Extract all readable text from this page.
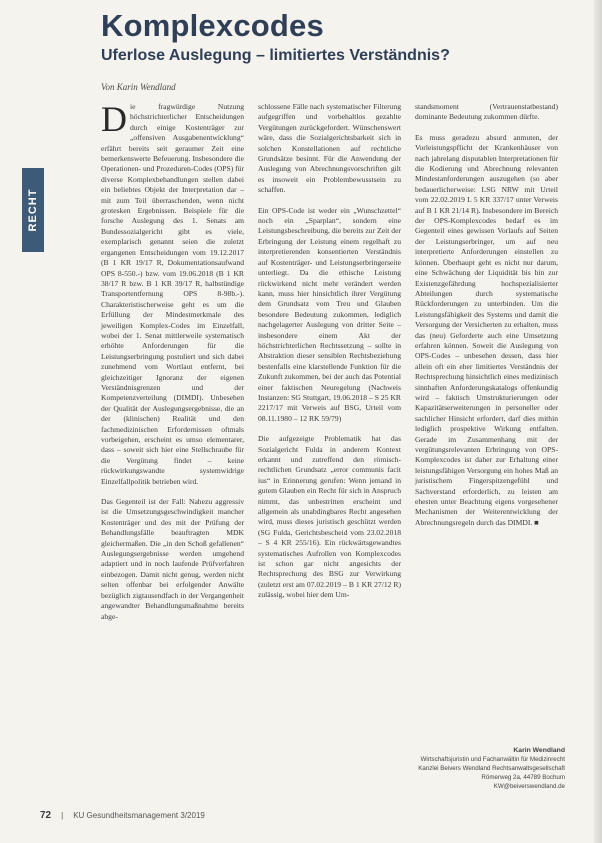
Komplexcodes
Uferlose Auslegung – limitiertes Verständnis?
Von Karin Wendland
RECHT

Die fragwürdige Nutzung höchstrichterlicher Entscheidungen durch einige Kostenträger zur „offensiven Ausgabenentwicklung“ erfährt bereits seit geraumer Zeit eine bemerkenswerte Befeuerung. Insbesondere die Operationen- und Prozeduren-Codes (OPS) für diverse Komplexbehandlungen stellen dabei ein beliebtes Objekt der Interpretation dar – mit zum Teil überraschenden, wenn nicht grotesken Ergebnissen. Beispiele für die forsche Auslegung des 1. Senats am Bundessozialgericht gibt es viele, exemplarisch genannt seien die zuletzt ergangenen Entscheidungen vom 19.12.2017 (B 1 KR 19/17 R, Dokumentationsaufwand OPS 8-550.-) bzw. vom 19.06.2018 (B 1 KR 38/17 R bzw. B 1 KR 39/17 R, halbstündige Transportentfernung OPS 8-98b.-). Charakteristischerweise geht es um die Erfüllung der Mindestmerkmale des jeweiligen Komplex-Codes im Einzelfall, wobei der 1. Senat mittlerweile systematisch erhöhte Anforderungen für die Leistungserbringung postuliert und sich dabei zunehmend vom Wortlaut entfernt, bei gleichzeitiger Ignoranz der eigenen Verständnisgrenzen und der Kompetenzverteilung (DIMDI). Unbesehen der Qualität der Auslegungsergebnisse, die an der (klinischen) Realität und den fachmedizinischen Erfordernissen oftmals vorbeigehen, erscheint es umso elementarer, dass – soweit sich hier eine Stellschraube für die Vergütung findet – keine rückwirkungswandte systemwidrige Einzelfallpolitik betrieben wird.

Das Gegenteil ist der Fall: Nahezu aggressiv ist die Umsetzungsgeschwindigkeit mancher Kostenträger und des mit der Prüfung der Behandlungsfälle beauftragten MDK gleichermaßen. Die „in den Schoß gefallenen“ Auslegungsergebnisse werden umgehend adaptiert und in noch laufende Prüfverfahren einbezogen. Damit nicht genug, werden nicht selten offenbar bei erfolgender Anwälte bezüglich zigtausendfach in der Vergangenheit angewandter Behandlungsmaßnahme bereits abge-

schlossene Fälle nach systematischer Filterung aufgegriffen und vorbehaltlos gezahlte Vergütungen zurückgefordert. Wünschenswert wäre, dass die Sozialgerichtsbarkeit sich in solchen Konstellationen auf rechtliche Grundsätze besinnt. Für die Anwendung der Auslegung von Abrechnungsvorschriften gilt es insoweit ein Problembewusstsein zu schaffen.

Ein OPS-Code ist weder ein „Wunschzettel“ noch ein „Sparplan“, sondern eine Leistungsbeschreibung, die bereits zur Zeit der Erbringung der Leistung einem regelhaft zu interpretierenden konsentierten Verständnis auf Kostenträger- und Leistungserbringerseite unterliegt. Da die ethische Leistung rückwirkend nicht mehr verändert werden kann, muss hier hinsichtlich ihrer Vergütung dem Grundsatz vom Treu und Glauben besondere Bedeutung zukommen, lediglich nachgelagerter Auslegung von dritter Seite – insbesondere einem Akt der höchstrichterlichen Rechtssetzung – sollte in Abstraktion dieser sensiblen Rechtsbeziehung bestenfalls eine klarstellende Funktion für die Zukunft zukommen, bei der auch das Potential einer faktischen Neuregelung (Nachweis Instanzen: SG Stuttgart, 19.06.2018 – S 25 KR 2217/17 mit Verweis auf BSG, Urteil vom 08.11.1980 – 12 RK 59/79)

Die aufgezeigte Problematik hat das Sozialgericht Fulda in anderem Kontext erkannt und zutreffend den römisch-rechtlichen Grundsatz „error communis facit ius“ in Erinnerung gerufen: Wenn jemand in gutem Glauben ein Recht für sich in Anspruch nimmt, das unbestritten erscheint und allgemein als unabdingbares Recht angesehen wird, muss dieses juristisch geschützt werden (SG Fulda, Gerichtsbescheid vom 23.02.2018 – S 4 KR 255/16). Ein rückwärtsgewandtes systematisches Aufrollen von Komplexcodes ist schon gar nicht angesichts der Rechtsprechung des BSG zur Verwirkung (zuletzt erst am 07.02.2019 – B 1 KR 27/12 R) zulässig, wobei hier dem Um-

standsmoment (Vertrauenstatbestand) dominante Bedeutung zukommen dürfte.

Es muss geradezu absurd anmuten, der Vorleistungspflicht der Krankenhäuser von nach jahrelang disputablen Interpretationen für die Kodierung und Abrechnung relevanten Mindestanforderungen auszugehen (so aber bedauerlicherweise: LSG NRW mit Urteil vom 22.02.2019 L 5 KR 337/17 unter Verweis auf B 1 KR 21/14 R). Insbesondere im Bereich der OPS-Komplexcodes bedarf es im Gegenteil eines gewissen Vorlaufs auf Seiten der Leistungserbringer, um auf neu interpretierte Anforderungen einstellen zu können. Überhaupt geht es nicht nur darum, eine Schwächung der Liquidität bis hin zur Existenzgefährdung hochspezialisierter Abteilungen durch systematische Rückforderungen zu unterbinden. Um die Leistungsfähigkeit des Systems und damit die Versorgung der Versicherten zu erhalten, muss das (neu) Geforderte auch eine Umsetzung erfahren können. Soweit die Auslegung von OPS-Codes – unbesehen dessen, dass hier allein oft ein eher limitiertes Verständnis der Rechtsprechung hinsichtlich eines medizinisch sinnhaften Anforderungskatalogs offenkundig wird – faktisch Umstrukturierungen oder Kapazitätserweiterungen in personeller oder sachlicher Hinsicht erfordert, darf dies mithin lediglich prospektive Wirkung entfalten. Gerade im Zusammenhang mit der vergütungsrelevanten Erbringung von OPS-Komplexcodes ist daher zur Erhaltung einer leistungsfähigen Versorgung ein hohes Maß an juristischem Fingerspitzengefühl und Sachverstand erforderlich, zu leisten am ehesten unter Beachtung eigens vorgesehener Mechanismen der Weiterentwicklung der Abrechnungsregeln durch das DIMDI. ■

Karin Wendland
Wirtschaftsjuristin und Fachanwältin für Medizinrecht
Kanzlei Beivers Wendland Rechtsanwaltsgesellschaft
Römerweg 2a, 44789 Bochum
KW@beiverswendland.de
72 | KU Gesundheitsmanagement 3/2019
